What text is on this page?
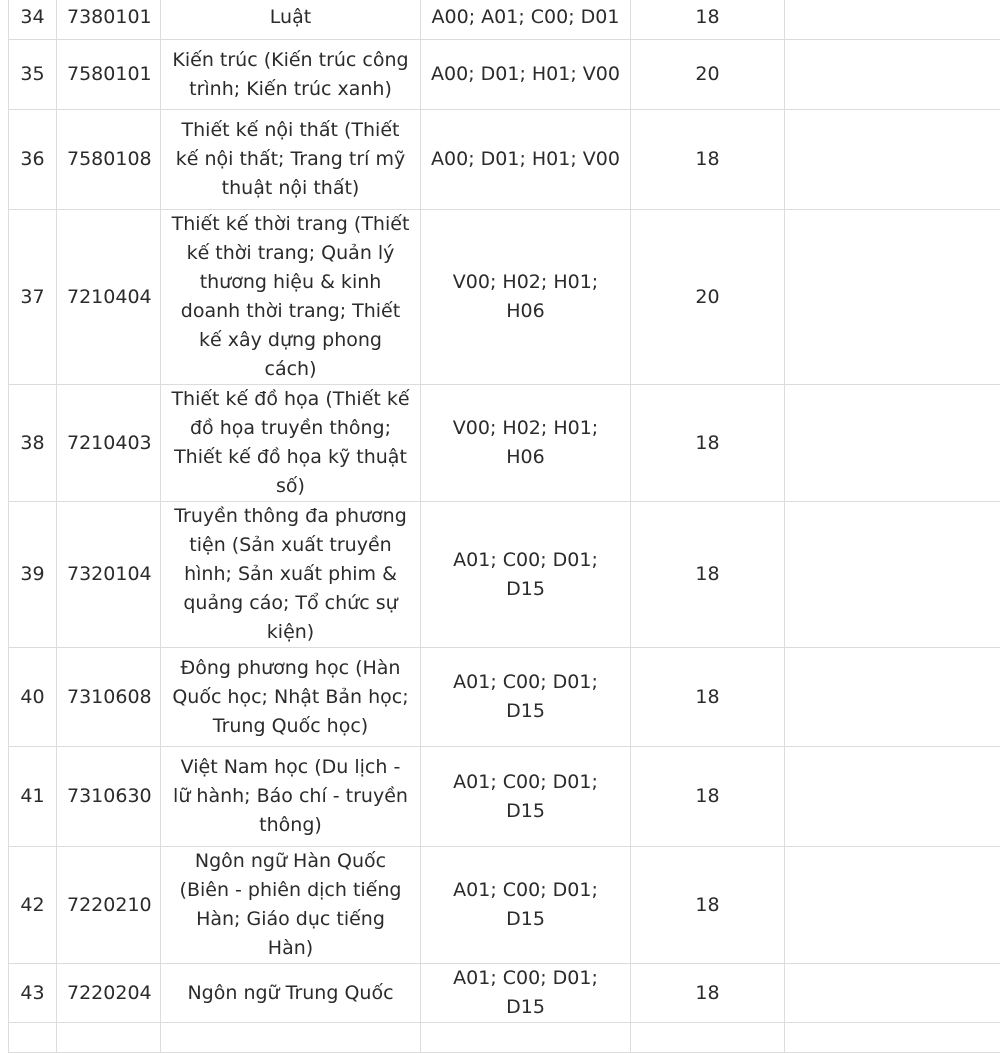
34	7380101	Luật	A00; A01; C00; D01	18	
35	7580101	Kiến trúc (Kiến trúc công trình; Kiến trúc xanh)	A00; D01; H01; V00	20	
36	7580108	Thiết kế nội thất (Thiết kế nội thất; Trang trí mỹ thuật nội thất)	A00; D01; H01; V00	18	
37	7210404	Thiết kế thời trang (Thiết kế thời trang; Quản lý thương hiệu & kinh doanh thời trang; Thiết kế xây dựng phong cách)	V00; H02; H01; H06	20	
38	7210403	Thiết kế đồ họa (Thiết kế đồ họa truyền thông; Thiết kế đồ họa kỹ thuật số)	V00; H02; H01; H06	18	
39	7320104	Truyền thông đa phương tiện (Sản xuất truyền hình; Sản xuất phim & quảng cáo; Tổ chức sự kiện)	A01; C00; D01; D15	18	
40	7310608	Đông phương học (Hàn Quốc học; Nhật Bản học; Trung Quốc học)	A01; C00; D01; D15	18	
41	7310630	Việt Nam học (Du lịch - lữ hành; Báo chí - truyền thông)	A01; C00; D01; D15	18	
42	7220210	Ngôn ngữ Hàn Quốc (Biên - phiên dịch tiếng Hàn; Giáo dục tiếng Hàn)	A01; C00; D01; D15	18	
43	7220204	Ngôn ngữ Trung Quốc	A01; C00; D01; D15	18	
